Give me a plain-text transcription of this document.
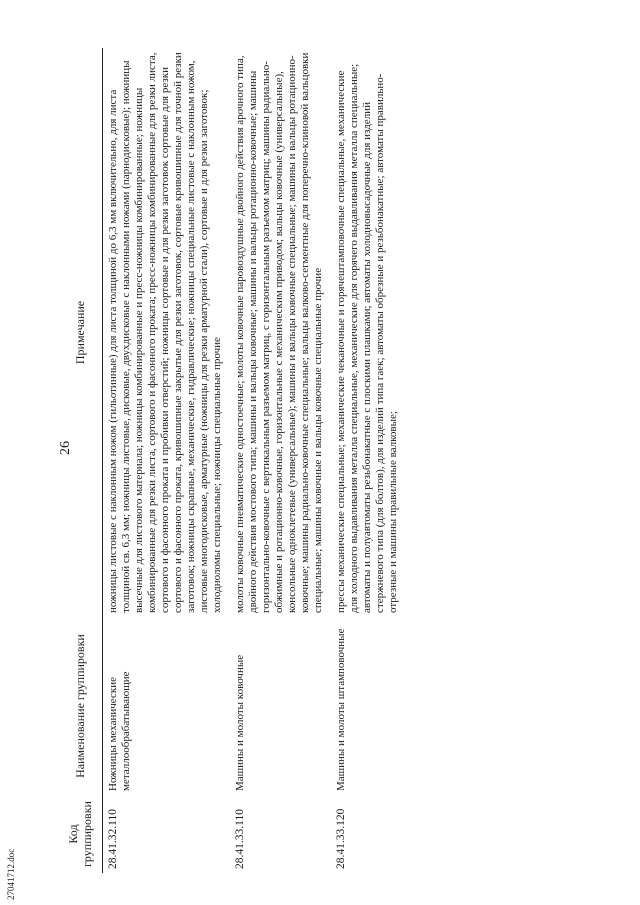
26
Код группировки	Наименование группировки	Примечание
28.41.32.110	Ножницы механические металлообрабатывающие	ножницы листовые с наклонным ножом (гильотинные) для листа толщиной до 6,3 мм включительно, для листа толщиной св. 6,3 мм; ножницы листовые, дисковые, двухдисковые с наклонными ножами (парнодисковые); ножницы высечные для листового материала; ножницы комбинированные и пресс-ножницы комбинированные; ножницы комбинированные для резки листа, сортового и фасонного проката; пресс-ножницы комбинированные для резки листа, сортового и фасонного проката и пробивки отверстий; ножницы сортовые и для резки заготовок сортовые для резки сортового и фасонного проката, кривошипные закрытые для резки заготовок, сортовые кривошипные для точной резки заготовок; ножницы скрапные, механические, гидравлические; ножницы специальные листовые с наклонным ножом, листовые многодисковые, арматурные (ножницы для резки арматурной стали), сортовые и для резки заготовок; холодноломы специальные; ножницы специальные прочие
28.41.33.110	Машины и молоты ковочные	молоты ковочные пневматические одностоечные; молоты ковочные паровоздушные двойного действия арочного типа, двойного действия мостового типа; машины и вальцы ковочные; машины и вальцы ротационно-ковочные; машины горизонтально-ковочные с вертикальным разъемом матриц, с горизонтальным разъемом матриц; машины радиально-обжимные и ротационно-ковочные, горизонтальные с механическим приводом; вальцы ковочные (универсальные), консольные одноклетевые (универсальные); машины и вальцы ковочные специальные; машины и вальцы ротационно-ковочные; машины радиально-ковочные специальные; вальцы валково-сегментные для поперечно-клиновой вальцовки специальные; машины ковочные и вальцы ковочные специальные прочие
28.41.33.120	Машины и молоты штамповочные	прессы механические специальные; механические чеканочные и горячештамповочные специальные, механические для холодного выдавливания металла специальные, механические для горячего выдавливания металла специальные; автоматы и полуавтоматы резьбонакатные с плоскими плашками; автоматы холодновысадочные для изделий стержневого типа (для болтов), для изделий типа гаек; автоматы обрезные и резьбонакатные; автоматы правильно-отрезные и машины правильные валковые;
27041712.doc
